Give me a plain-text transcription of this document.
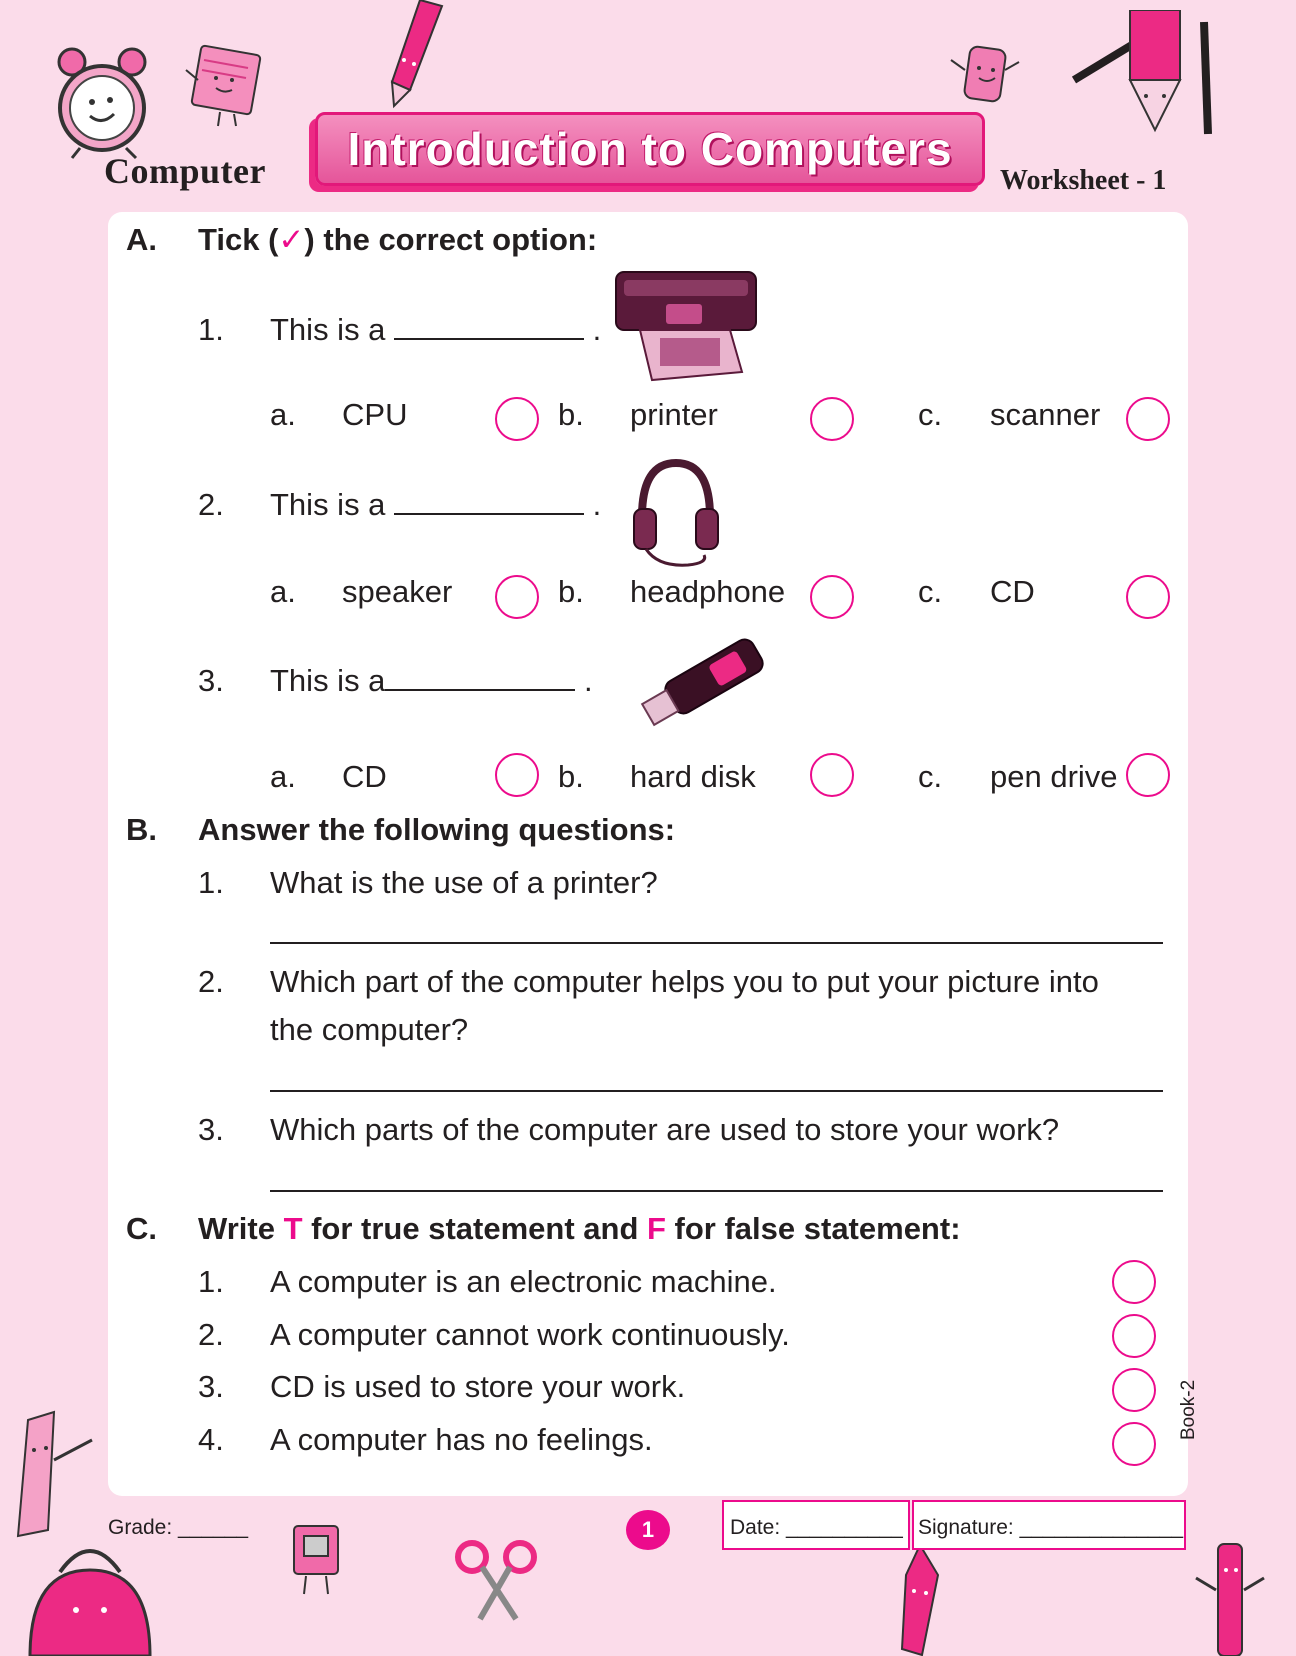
Computer Introduction to Computers
Worksheet - 1
A. Tick (✓) the correct option:
1. This is a	.
a. CPU	b. printer	c. scanner
2. This is a	.
a. speaker	b. headphone	c. CD
3. This is a	.
a. CD	b. hard disk	c. pen drive
B. Answer the following questions:
1. What is the use of a printer?
2. Which part of the computer helps you to put your picture into
the computer?
3. Which parts of the computer are used to store your work?
C. Write T for true statement and F for false statement:
1. A computer is an electronic machine.
2. A computer cannot work continuously.
3. CD is used to store your work.
4. A computer has no feelings.	Book-2
Grade: ______	1	Date: __________ Signature: ______________
